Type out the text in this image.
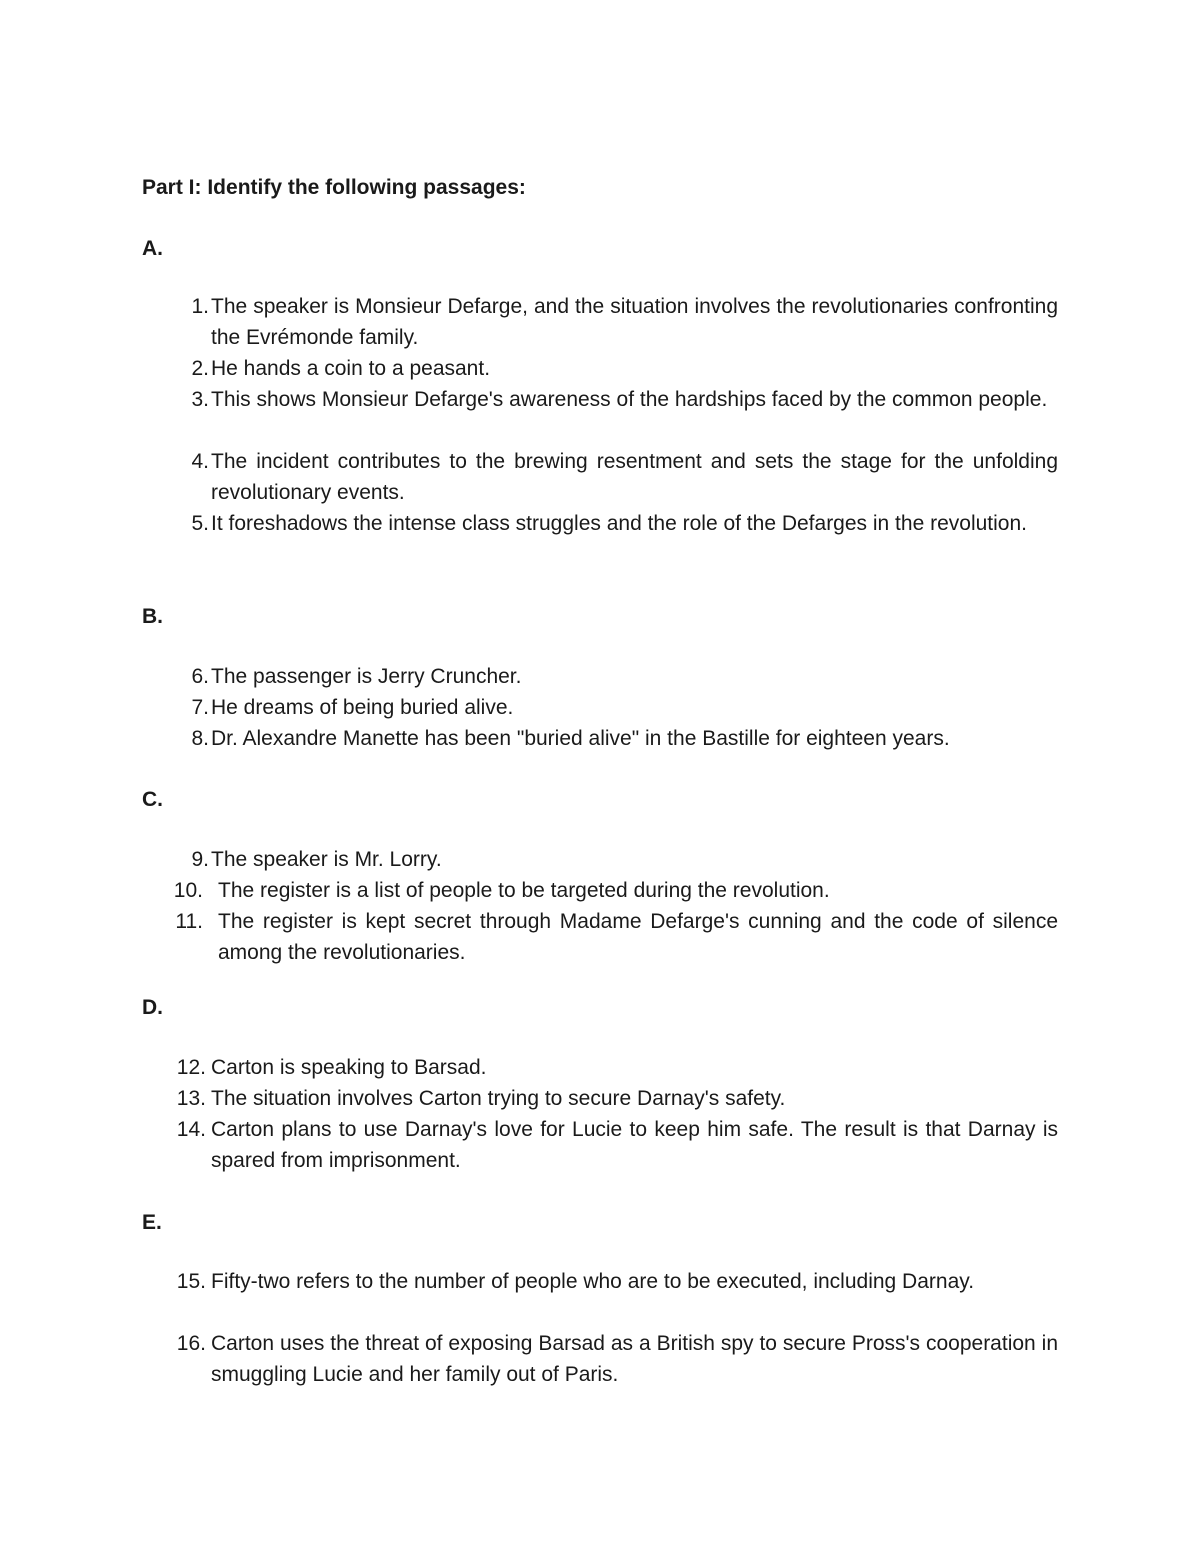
Part I: Identify the following passages:
A.
1. The speaker is Monsieur Defarge, and the situation involves the revolutionaries confronting the Evrémonde family.
2. He hands a coin to a peasant.
3. This shows Monsieur Defarge's awareness of the hardships faced by the common people.
4. The incident contributes to the brewing resentment and sets the stage for the unfolding revolutionary events.
5. It foreshadows the intense class struggles and the role of the Defarges in the revolution.
B.
6. The passenger is Jerry Cruncher.
7. He dreams of being buried alive.
8. Dr. Alexandre Manette has been "buried alive" in the Bastille for eighteen years.
C.
9. The speaker is Mr. Lorry.
10. The register is a list of people to be targeted during the revolution.
11. The register is kept secret through Madame Defarge's cunning and the code of silence among the revolutionaries.
D.
12. Carton is speaking to Barsad.
13. The situation involves Carton trying to secure Darnay's safety.
14. Carton plans to use Darnay's love for Lucie to keep him safe. The result is that Darnay is spared from imprisonment.
E.
15. Fifty-two refers to the number of people who are to be executed, including Darnay.
16. Carton uses the threat of exposing Barsad as a British spy to secure Pross's cooperation in smuggling Lucie and her family out of Paris.
